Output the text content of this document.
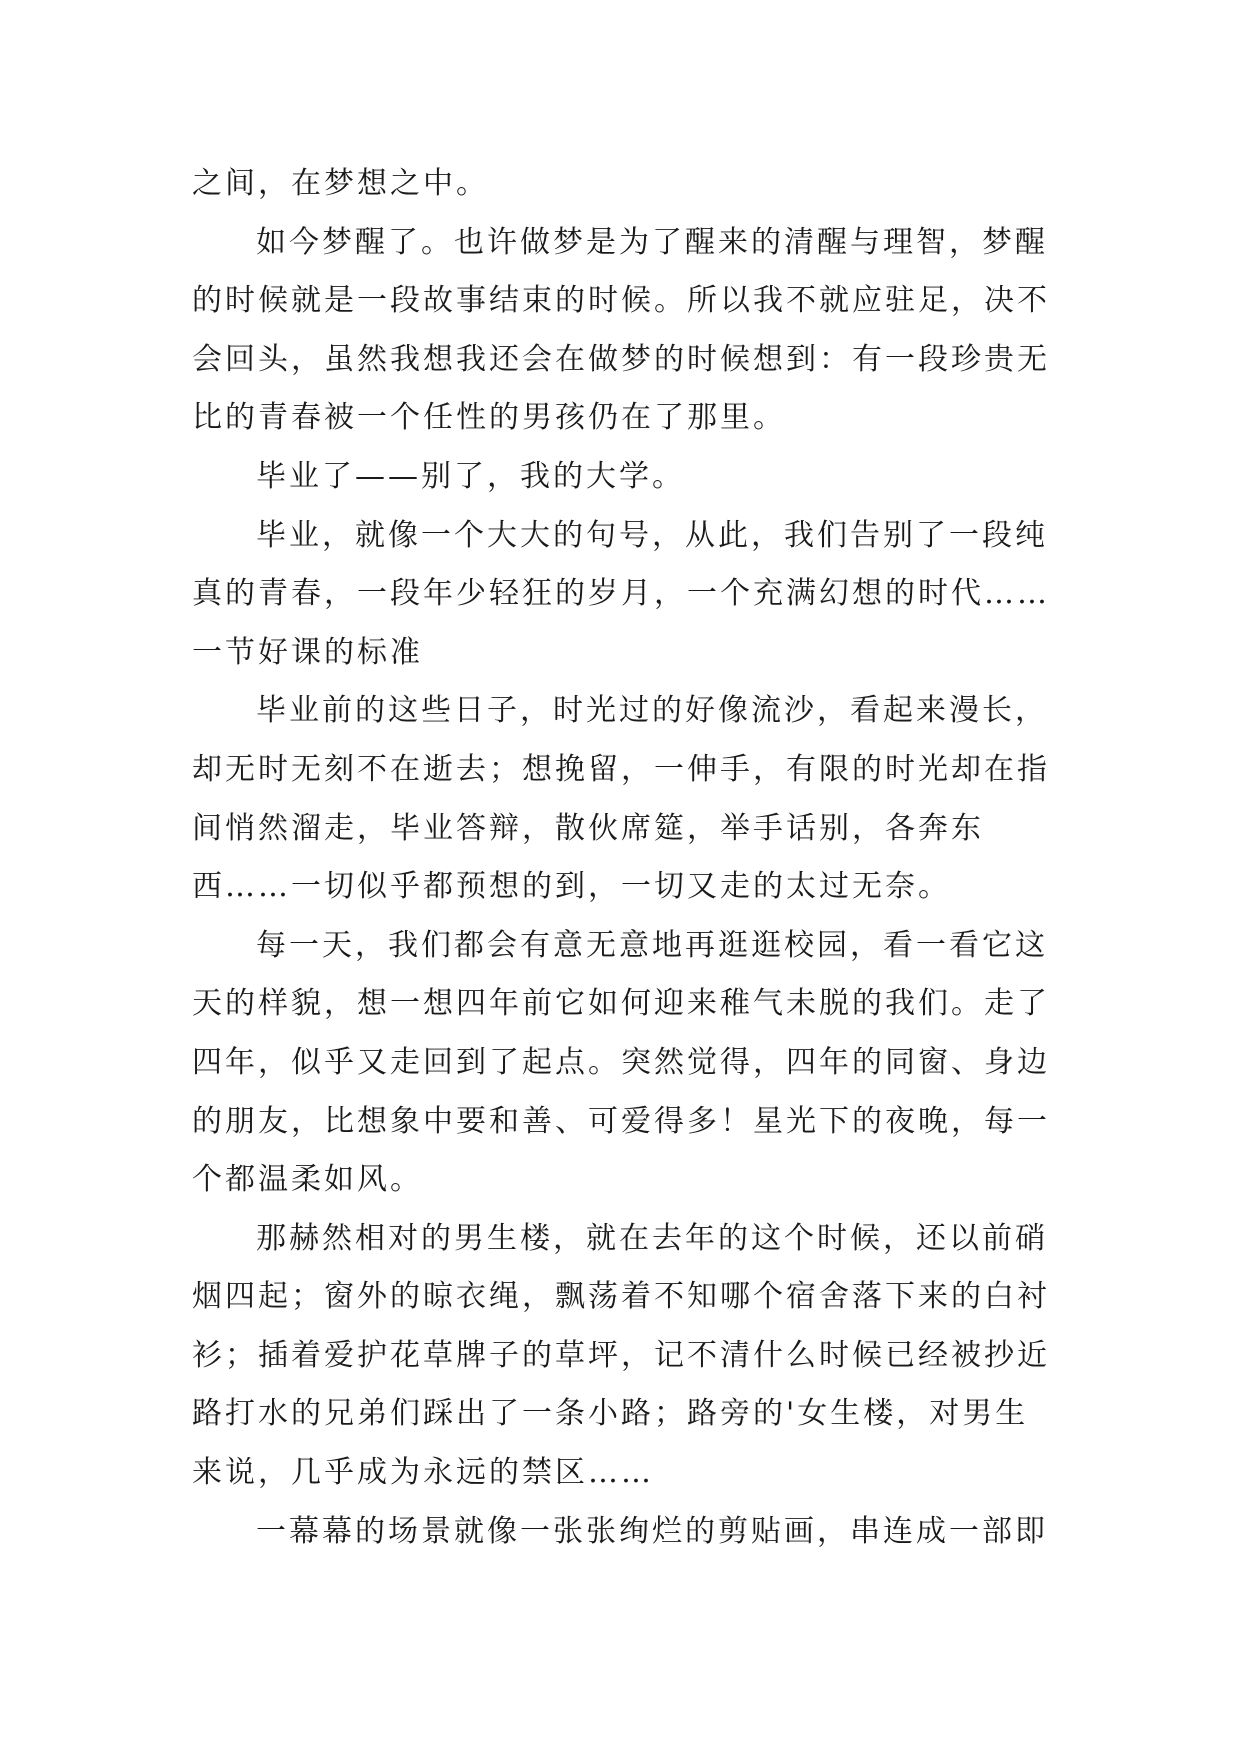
之间，在梦想之中。
如今梦醒了。也许做梦是为了醒来的清醒与理智，梦醒
的时候就是一段故事结束的时候。所以我不就应驻足，决不
会回头，虽然我想我还会在做梦的时候想到：有一段珍贵无
比的青春被一个任性的男孩仍在了那里。
毕业了——别了，我的大学。
毕业，就像一个大大的句号，从此，我们告别了一段纯
真的青春，一段年少轻狂的岁月，一个充满幻想的时代……
一节好课的标准
毕业前的这些日子，时光过的好像流沙，看起来漫长，
却无时无刻不在逝去；想挽留，一伸手，有限的时光却在指
间悄然溜走，毕业答辩，散伙席筵，举手话别，各奔东
西……一切似乎都预想的到，一切又走的太过无奈。
每一天，我们都会有意无意地再逛逛校园，看一看它这
天的样貌，想一想四年前它如何迎来稚气未脱的我们。走了
四年，似乎又走回到了起点。突然觉得，四年的同窗、身边
的朋友，比想象中要和善、可爱得多！星光下的夜晚，每一
个都温柔如风。
那赫然相对的男生楼，就在去年的这个时候，还以前硝
烟四起；窗外的晾衣绳，飘荡着不知哪个宿舍落下来的白衬
衫；插着爱护花草牌子的草坪，记不清什么时候已经被抄近
路打水的兄弟们踩出了一条小路；路旁的'女生楼，对男生
来说，几乎成为永远的禁区……
一幕幕的场景就像一张张绚烂的剪贴画，串连成一部即
